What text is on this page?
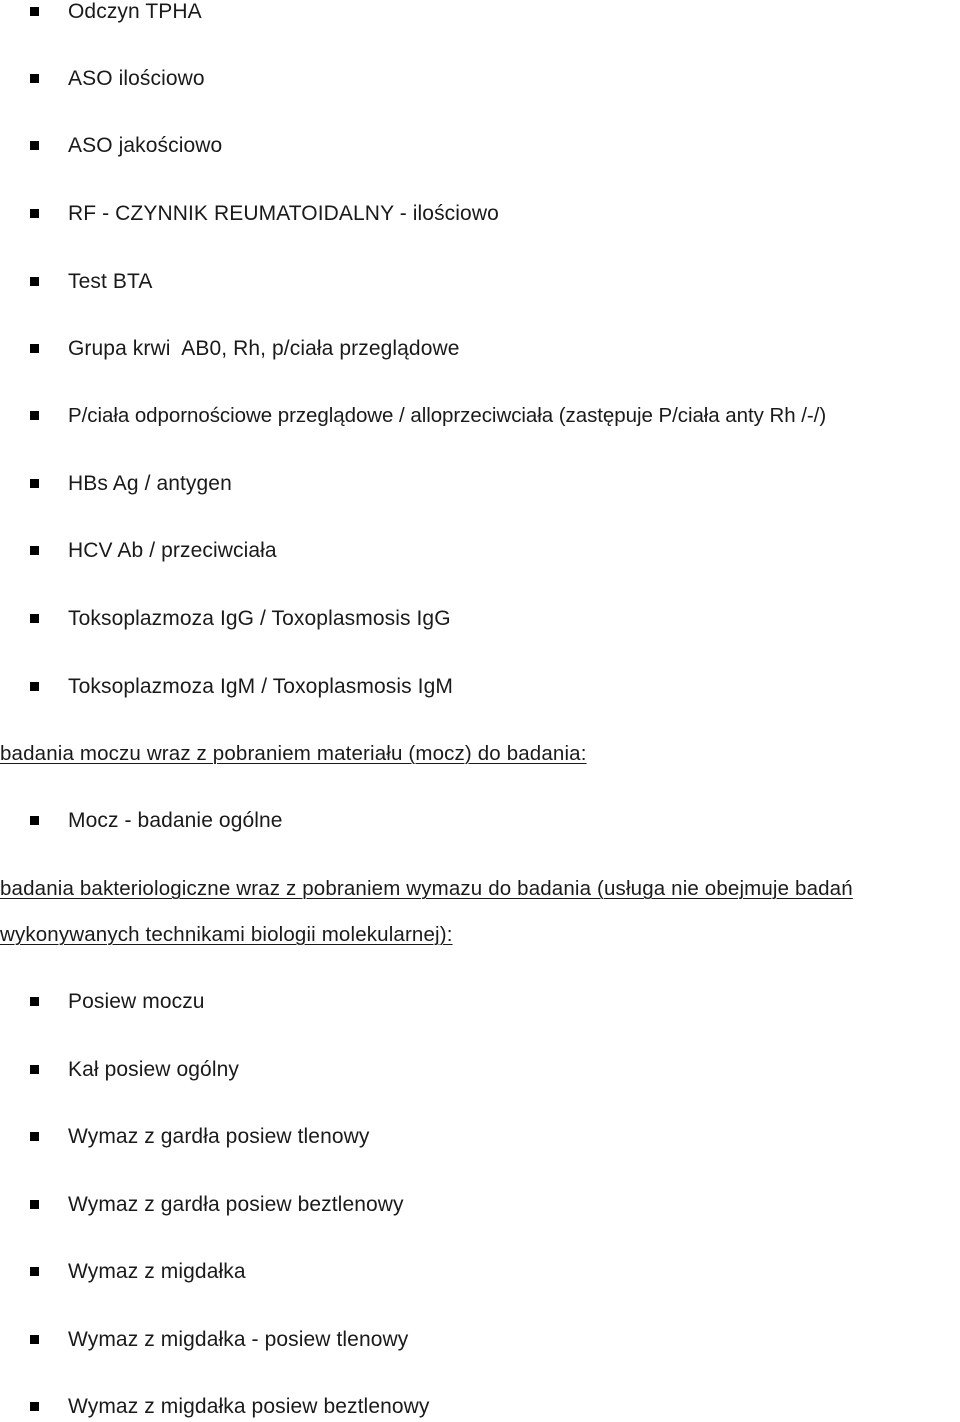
Odczyn TPHA
ASO ilościowo
ASO jakościowo
RF - CZYNNIK REUMATOIDALNY - ilościowo
Test BTA
Grupa krwi  AB0, Rh, p/ciała przeglądowe
P/ciała odpornościowe przeglądowe / alloprzeciwciała (zastępuje P/ciała anty Rh /-/)
HBs Ag / antygen
HCV Ab / przeciwciała
Toksoplazmoza IgG / Toxoplasmosis IgG
Toksoplazmoza IgM / Toxoplasmosis IgM
badania moczu wraz z pobraniem materiału (mocz) do badania:
Mocz - badanie ogólne
badania bakteriologiczne wraz z pobraniem wymazu do badania (usługa nie obejmuje badań
wykonywanych technikami biologii molekularnej):
Posiew moczu
Kał posiew ogólny
Wymaz z gardła posiew tlenowy
Wymaz z gardła posiew beztlenowy
Wymaz z migdałka
Wymaz z migdałka - posiew tlenowy
Wymaz z migdałka posiew beztlenowy
